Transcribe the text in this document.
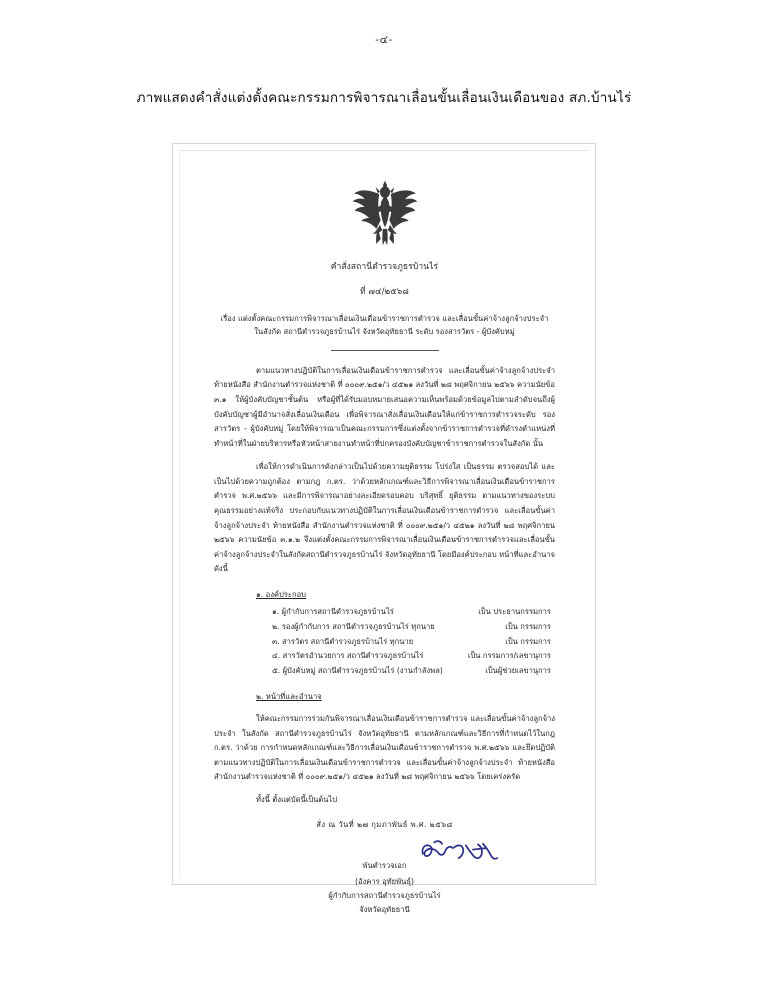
-๔-
ภาพแสดงคำสั่งแต่งตั้งคณะกรรมการพิจารณาเลื่อนขั้นเลื่อนเงินเดือนของ สภ.บ้านไร่
คำสั่งสถานีตำรวจภูธรบ้านไร่
ที่ ๗๔/๒๕๖๘
เรื่อง แต่งตั้งคณะกรรมการพิจารณาเลื่อนเงินเดือนข้าราชการตำรวจ และเลื่อนขั้นค่าจ้างลูกจ้างประจำ
ในสังกัด สถานีตำรวจภูธรบ้านไร่ จังหวัดอุทัยธานี ระดับ รองสารวัตร - ผู้บังคับหมู่
ตามแนวทางปฏิบัติในการเลื่อนเงินเดือนข้าราชการตำรวจ และเลื่อนขั้นค่าจ้างลูกจ้างประจำ ท้ายหนังสือ สำนักงานตำรวจแห่งชาติ ที่ ๐๐๐๙.๒๕๑/ว ๔๕๒๑ ลงวันที่ ๒๘ พฤศจิกายน ๒๕๖๖ ความนัยข้อ ๓.๑ ให้ผู้บังคับบัญชาชั้นต้น หรือผู้ที่ได้รับมอบหมายเสนอความเห็นพร้อมด้วยข้อมูลไปตามลำดับจนถึงผู้บังคับบัญชาผู้มีอำนาจสั่งเลื่อนเงินเดือน เพื่อพิจารณาสั่งเลื่อนเงินเดือนให้แก่ข้าราชการตำรวจระดับ รองสารวัตร - ผู้บังคับหมู่ โดยให้พิจารณาเป็นคณะกรรมการซึ่งแต่งตั้งจากข้าราชการตำรวจที่ดำรงตำแหน่งที่ทำหน้าที่ในฝ่ายบริหารหรือหัวหน้าสายงานทำหน้าที่ปกครองบังคับบัญชาข้าราชการตำรวจในสังกัด นั้น
เพื่อให้การดำเนินการดังกล่าวเป็นไปด้วยความยุติธรรม โปร่งใส เป็นธรรม ตรวจสอบได้ และเป็นไปด้วยความถูกต้อง ตามกฎ ก.ตร. ว่าด้วยหลักเกณฑ์และวิธีการพิจารณาเลื่อนเงินเดือนข้าราชการตำรวจ พ.ศ.๒๕๖๖ และมีการพิจารณาอย่างละเอียดรอบคอบ บริสุทธิ์ ยุติธรรม ตามแนวทางของระบบคุณธรรมอย่างแท้จริง ประกอบกับแนวทางปฏิบัติในการเลื่อนเงินเดือนข้าราชการตำรวจ และเลื่อนขั้นค่าจ้างลูกจ้างประจำ ท้ายหนังสือ สำนักงานตำรวจแห่งชาติ ที่ ๐๐๐๙.๒๕๑/ว ๔๕๒๑ ลงวันที่ ๒๘ พฤศจิกายน ๒๕๖๖ ความนัยข้อ ๓.๑.๒ จึงแต่งตั้งคณะกรรมการพิจารณาเลื่อนเงินเดือนข้าราชการตำรวจและเลื่อนขั้นค่าจ้างลูกจ้างประจำในสังกัดสถานีตำรวจภูธรบ้านไร่ จังหวัดอุทัยธานี โดยมีองค์ประกอบ หน้าที่และอำนาจ ดังนี้
๑. องค์ประกอบ
๑. ผู้กำกับการสถานีตำรวจภูธรบ้านไร่	เป็น ประธานกรรมการ
๒. รองผู้กำกับการ สถานีตำรวจภูธรบ้านไร่ ทุกนาย	เป็น กรรมการ
๓. สารวัตร สถานีตำรวจภูธรบ้านไร่ ทุกนาย	เป็น กรรมการ
๔. สารวัตรอำนวยการ สถานีตำรวจภูธรบ้านไร่	เป็น กรรมการ/เลขานุการ
๕. ผู้บังคับหมู่ สถานีตำรวจภูธรบ้านไร่ (งานกำลังพล)	เป็นผู้ช่วยเลขานุการ
๒. หน้าที่และอำนาจ
ให้คณะกรรมการร่วมกันพิจารณาเลื่อนเงินเดือนข้าราชการตำรวจ และเลื่อนขั้นค่าจ้างลูกจ้างประจำ ในสังกัด สถานีตำรวจภูธรบ้านไร่ จังหวัดอุทัยธานี ตามหลักเกณฑ์และวิธีการที่กำหนดไว้ในกฎ ก.ตร. ว่าด้วย การกำหนดหลักเกณฑ์และวิธีการเลื่อนเงินเดือนข้าราชการตำรวจ พ.ศ.๒๕๖๖ และยึดปฏิบัติตามแนวทางปฏิบัติในการเลื่อนเงินเดือนข้าราชการตำรวจ และเลื่อนขั้นค่าจ้างลูกจ้างประจำ ท้ายหนังสือ สำนักงานตำรวจแห่งชาติ ที่ ๐๐๐๙.๒๕๑/ว ๔๕๒๑ ลงวันที่ ๒๘ พฤศจิกายน ๒๕๖๖ โดยเคร่งครัด
ทั้งนี้ ตั้งแต่บัดนี้เป็นต้นไป
สั่ง ณ วันที่ ๒๗ กุมภาพันธ์ พ.ศ. ๒๕๖๘
พันตำรวจเอก
(อังคาร อุทัยพันธุ์)
ผู้กำกับการสถานีตำรวจภูธรบ้านไร่
จังหวัดอุทัยธานี
